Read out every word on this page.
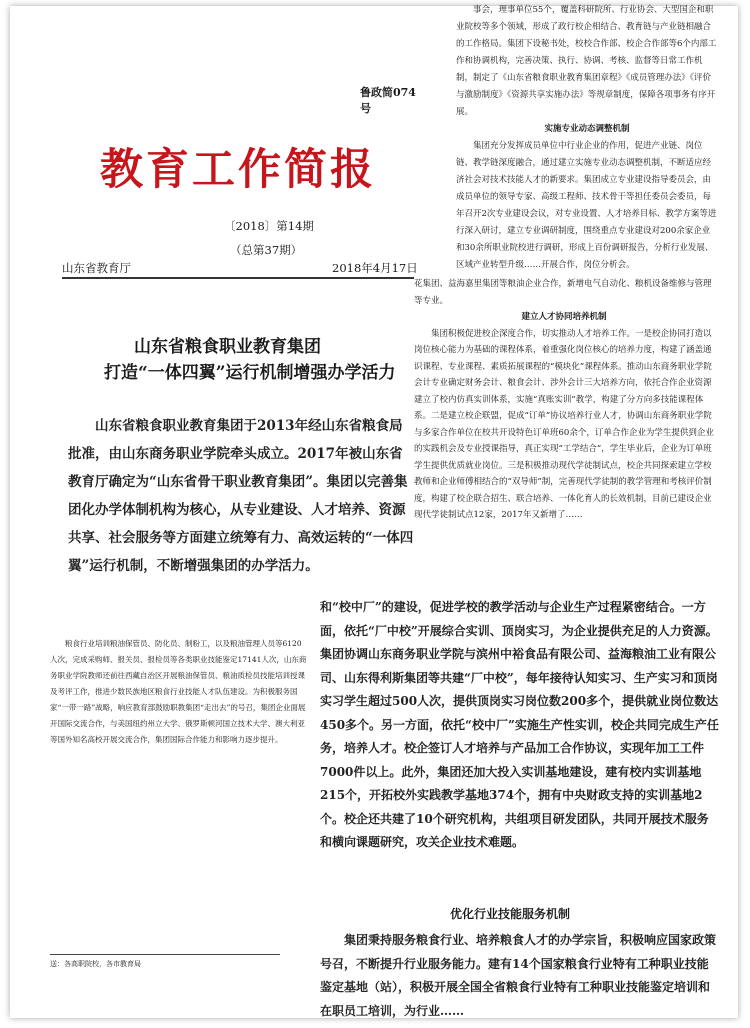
鲁政简074号
教育工作简报
〔2018〕第14期
（总第37期）
山东省教育厅	2018年4月17日
山东省粮食职业教育集团
打造“一体四翼”运行机制增强办学活力
山东省粮食职业教育集团于2013年经山东省粮食局批准，由山东商务职业学院牵头成立。2017年被山东省教育厅确定为“山东省骨干职业教育集团”。集团以完善集团化办学体制机构为核心，从专业建设、人才培养、资源共享、社会服务等方面建立统筹有力、高效运转的“一体四翼”运行机制，不断增强集团的办学活力。
事会，理事单位55个，覆盖科研院所、行业协会、大型国企和职业院校等多个领域，形成了政行校企相结合、教育链与产业链相融合的工作格局。集团下设秘书处，校校合作部、校企合作部等6个内部工作和协调机构，完善决策、执行、协调、考核、监督等日常工作机制，制定了《山东省粮食职业教育集团章程》《成员管理办法》《评价与激励制度》《资源共享实施办法》等规章制度，保障各项事务有序开展。
实施专业动态调整机制
集团充分发挥成员单位中行业企业的作用，促进产业链、岗位链、教学链深度融合，通过建立实施专业动态调整机制，不断适应经济社会对技术技能人才的新要求。集团成立专业建设指导委员会，由成员单位的领导专家、高级工程师、技术骨干等担任委员会委员，每年召开2次专业建设会议，对专业设置、人才培养目标、教学方案等进行深入研讨，建立专业调研制度，围绕重点专业建设对200余家企业和30余所职业院校进行调研，形成上百份调研报告，分析行业发展、区域产业转型升级……开展合作，岗位分析会。
花集团、益海嘉里集团等粮油企业合作，新增电气自动化、粮机设备维修与管理等专业。
建立人才协同培养机制
集团积极促进校企深度合作，切实推动人才培养工作。一是校企协同打造以岗位核心能力为基础的课程体系，着重强化岗位核心的培养力度，构建了涵盖通识课程、专业课程、素质拓展课程的“模块化”课程体系。推动山东商务职业学院会计专业确定财务会计、粮食会计、涉外会计三大培养方向，依托合作企业资源建立了校内仿真实训体系，实施“真账实训”教学，构建了分方向多技能课程体系。二是建立校企联盟，促成“订单”协议培养行业人才，协调山东商务职业学院与多家合作单位在校共开设特色订单班60余个，订单合作企业为学生提供到企业的实践机会及专业授课指导，真正实现“工学结合”，学生毕业后，企业为订单班学生提供优质就业岗位。三是积极推动现代学徒制试点，校企共同探索建立学校教师和企业师傅相结合的“双导师”制，完善现代学徒制的教学管理和考核评价制度，构建了校企联合招生、联合培养、一体化育人的长效机制，目前已建设企业现代学徒制试点12家，2017年又新增了……
粮食行业培训粮油保管员、防化员、制粉工，以及粮油管理人员等6120人次，完成采购师、报关员、报检员等各类职业技能鉴定17141人次，山东商务职业学院教师还前往西藏自治区开展粮油保管员、粮油质检员技能培训授课及考评工作，推进少数民族地区粮食行业技能人才队伍建设。为积极服务国家“一带一路”战略，响应教育部鼓励职教集团“走出去”的号召，集团企业面展开国际交流合作，与美国纽约州立大学、俄罗斯顿河国立技术大学、澳大利亚等国外知名高校开展交流合作，集团国际合作能力和影响力逐步提升。
送：各高职院校，各市教育局
和“校中厂”的建设，促进学校的教学活动与企业生产过程紧密结合。一方面，依托“厂中校”开展综合实训、顶岗实习，为企业提供充足的人力资源。集团协调山东商务职业学院与滨州中裕食品有限公司、益海粮油工业有限公司、山东得利斯集团等共建“厂中校”，每年接待认知实习、生产实习和顶岗实习学生超过500人次，提供顶岗实习岗位数200多个，提供就业岗位数达450多个。另一方面，依托“校中厂”实施生产性实训，校企共同完成生产任务，培养人才。校企签订人才培养与产品加工合作协议，实现年加工工件7000件以上。此外，集团还加大投入实训基地建设，建有校内实训基地215个，开拓校外实践教学基地374个，拥有中央财政支持的实训基地2个。校企还共建了10个研究机构，共组项目研发团队，共同开展技术服务和横向课题研究，攻关企业技术难题。
优化行业技能服务机制
集团秉持服务粮食行业、培养粮食人才的办学宗旨，积极响应国家政策号召，不断提升行业服务能力。建有14个国家粮食行业特有工种职业技能鉴定基地（站），积极开展全国全省粮食行业特有工种职业技能鉴定培训和在职员工培训，为行业……
